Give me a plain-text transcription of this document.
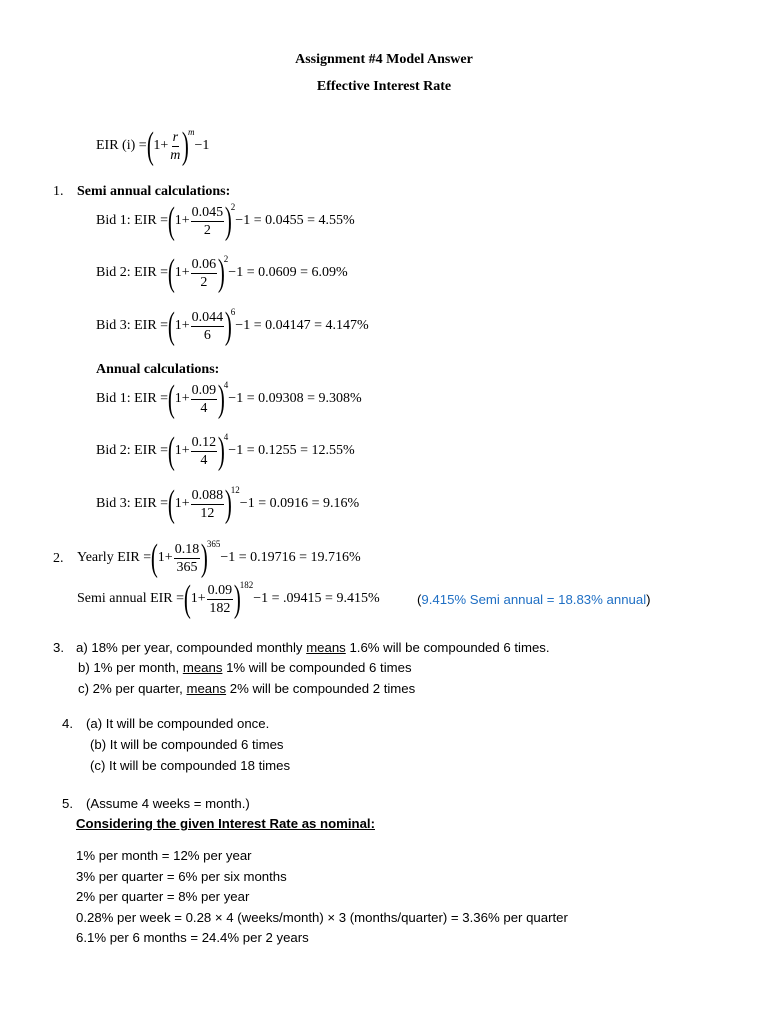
Assignment #4 Model Answer
Effective Interest Rate
EIR (i) = ( $1+ \frac{r}{m}$ )
m
−1
1. Semi annual calculations:
Bid 1: EIR = ( $1+ \frac{0.045}{2}$ )
2
−1 = 0.0455 = 4.55%
Bid 2: EIR = ( $1+ \frac{0.06}{2}$ )
2
−1 = 0.0609 = 6.09%
Bid 3: EIR = ( $1+ \frac{0.044}{6}$ )
6
−1 = 0.04147 = 4.147%
Annual calculations:
Bid 1: EIR = ( $1+ \frac{0.09}{4}$ )
4
−1 = 0.09308 = 9.308%
Bid 2: EIR = ( $1+ \frac{0.12}{4}$ )
4
−1 = 0.1255 = 12.55%
Bid 3: EIR = ( $1+ \frac{0.088}{12}$ )
12
−1 = 0.0916 = 9.16%
2. Yearly EIR = ( $1+ \frac{0.18}{365}$ )
365
−1 = 0.19716 = 19.716%
Semi annual EIR = ( $1+ \frac{0.09}{182}$ )
182
−1 = .09415 = 9.415%	(9.415% Semi annual = 18.83% annual)
3. a) 18% per year, compounded monthly means 1.6% will be compounded 6 times.
b) 1% per month, means 1% will be compounded 6 times
c) 2% per quarter, means 2% will be compounded 2 times
4. (a) It will be compounded once.
(b) It will be compounded 6 times
(c) It will be compounded 18 times
5. (Assume 4 weeks = month.)
Considering the given Interest Rate as nominal:
1% per month = 12% per year
3% per quarter = 6% per six months
2% per quarter = 8% per year
0.28% per week = 0.28 × 4 (weeks/month) × 3 (months/quarter) = 3.36% per quarter
6.1% per 6 months = 24.4% per 2 years
